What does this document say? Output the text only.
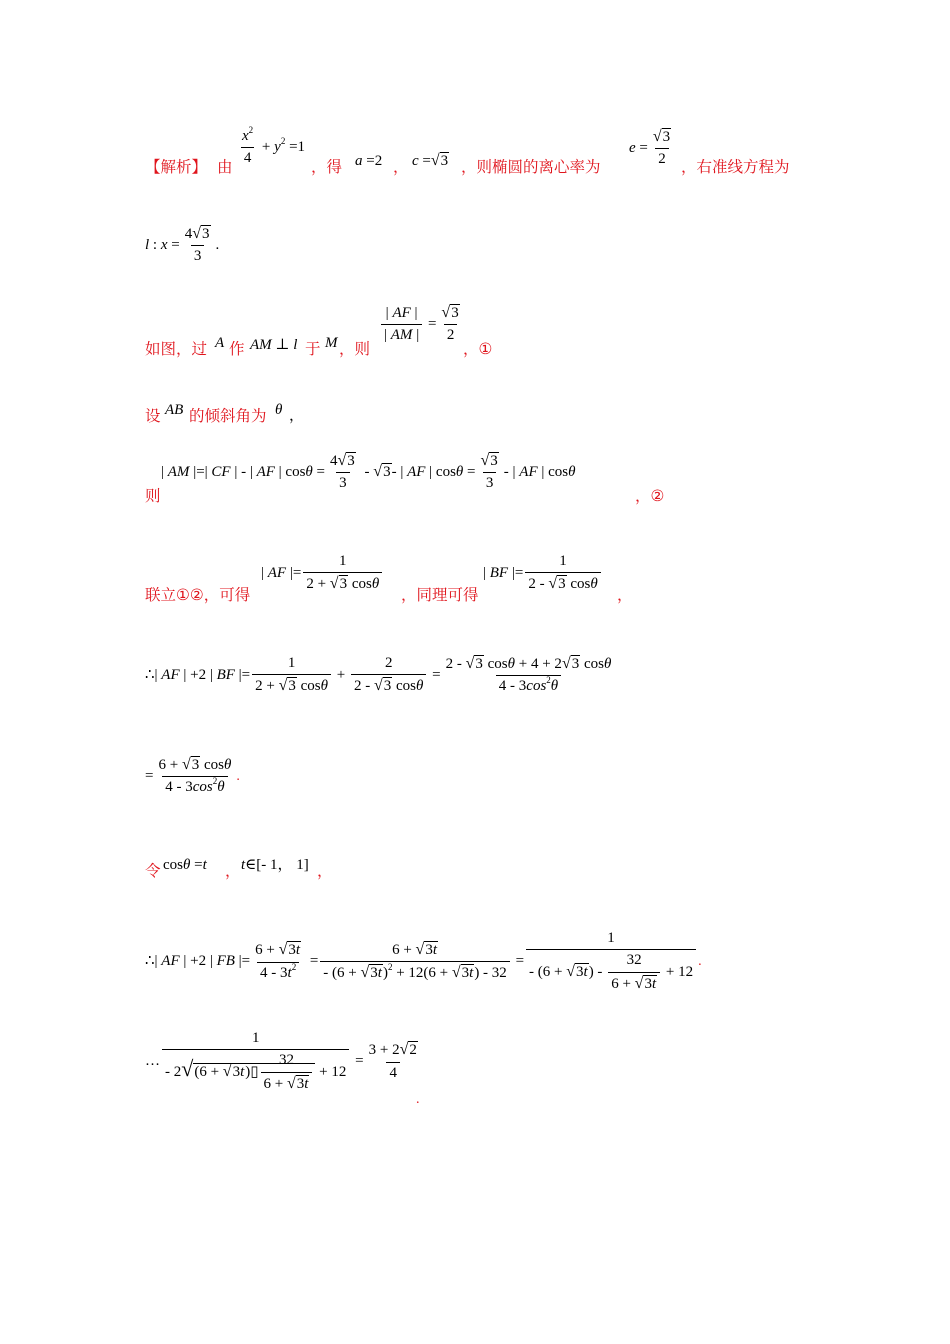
【解析】 由 $\frac{x^2}{4} + y^2 =1$
，得 a =2 ， c =√3 ，则椭圆的离心率为
$e = \frac{√3}{2}$ ，右准线方程为
l : $x = \frac{4√3}{3}$ .
如图，过 A 作 AM ⊥ l 于 M ，则
$\frac{| AF |}{| AM |} = \frac{√3}{2}$
，①
设 AB 的倾斜角为 θ ，
则
| AM |=| CF | - | AF | $\cos\theta = \frac{4√3}{3} - √3-$ | AF | $\cos\theta = \frac{√3}{3}$ - | AF | cosθ
，②
联立①②，可得
| AF |= $\frac{1}{2 + √3 \cos\theta}$
，同理可得
| BF |= $\frac{1}{2 - √3 \cos\theta}$
，
∴| AF | +2 | BF |= $\frac{1}{2 + √3 \cos\theta} + \frac{2}{2 - √3 \cos\theta} = \frac{2 - √3 \cos\theta + 4 + 2√3 \cos\theta}{4 - 3\cos^2\theta}$
= $\frac{6 + √3 \cos\theta}{4 - 3\cos^2\theta}$ .
令 cosθ =t ， t∈[- 1， 1] ，
∴| AF | +2 | FB |= $\frac{6 + √3t}{4 - 3t^2} = \frac{6 + √3t}{- (6 + √3t)^2 + 12(6 + √3t) - 32} = \frac{1}{- (6 + √3t) - \frac{32}{6 + √3t} + 12}$ .
… $\frac{1}{- 2√(6 + √3t)▯ \frac{32}{6 + √3t} + 12} = \frac{3 + 2√2}{4}$
.
